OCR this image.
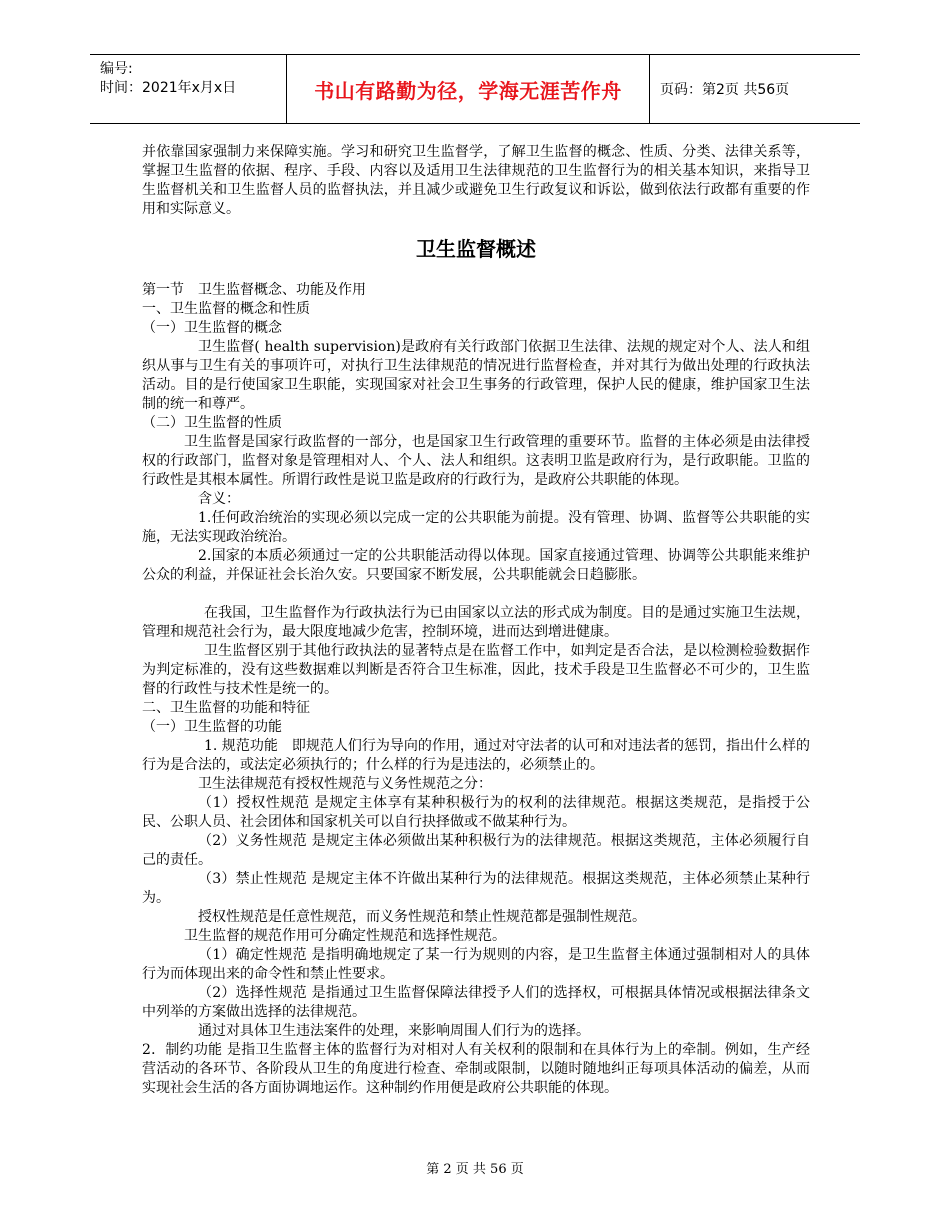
编号:
时间：2021年x月x日	书山有路勤为径，学海无涯苦作舟	页码：第2页 共56页

并依靠国家强制力来保障实施。学习和研究卫生监督学，了解卫生监督的概念、性质、分类、法律关系等，掌握卫生监督的依据、程序、手段、内容以及适用卫生法律规范的卫生监督行为的相关基本知识，来指导卫生监督机关和卫生监督人员的监督执法，并且减少或避免卫生行政复议和诉讼，做到依法行政都有重要的作用和实际意义。

卫生监督概述

第一节　卫生监督概念、功能及作用

一、卫生监督的概念和性质

（一）卫生监督的概念

卫生监督( health supervision)是政府有关行政部门依据卫生法律、法规的规定对个人、法人和组织从事与卫生有关的事项许可，对执行卫生法律规范的情况进行监督检查，并对其行为做出处理的行政执法活动。目的是行使国家卫生职能，实现国家对社会卫生事务的行政管理，保护人民的健康，维护国家卫生法制的统一和尊严。

（二）卫生监督的性质

卫生监督是国家行政监督的一部分，也是国家卫生行政管理的重要环节。监督的主体必须是由法律授权的行政部门，监督对象是管理相对人、个人、法人和组织。这表明卫监是政府行为，是行政职能。卫监的行政性是其根本属性。所谓行政性是说卫监是政府的行政行为，是政府公共职能的体现。

含义：

1.任何政治统治的实现必须以完成一定的公共职能为前提。没有管理、协调、监督等公共职能的实施，无法实现政治统治。

2.国家的本质必须通过一定的公共职能活动得以体现。国家直接通过管理、协调等公共职能来维护公众的利益，并保证社会长治久安。只要国家不断发展，公共职能就会日趋膨胀。

在我国，卫生监督作为行政执法行为已由国家以立法的形式成为制度。目的是通过实施卫生法规，管理和规范社会行为，最大限度地减少危害，控制环境，进而达到增进健康。

卫生监督区别于其他行政执法的显著特点是在监督工作中，如判定是否合法，是以检测检验数据作为判定标准的，没有这些数据难以判断是否符合卫生标准，因此，技术手段是卫生监督必不可少的，卫生监督的行政性与技术性是统一的。

二、卫生监督的功能和特征

（一）卫生监督的功能

1. 规范功能　即规范人们行为导向的作用，通过对守法者的认可和对违法者的惩罚，指出什么样的行为是合法的，或法定必须执行的；什么样的行为是违法的，必须禁止的。

卫生法律规范有授权性规范与义务性规范之分：

（1）授权性规范 是规定主体享有某种积极行为的权利的法律规范。根据这类规范，是指授于公民、公职人员、社会团体和国家机关可以自行抉择做或不做某种行为。

（2）义务性规范 是规定主体必须做出某种积极行为的法律规范。根据这类规范，主体必须履行自己的责任。

（3）禁止性规范 是规定主体不许做出某种行为的法律规范。根据这类规范，主体必须禁止某种行为。

授权性规范是任意性规范，而义务性规范和禁止性规范都是强制性规范。

卫生监督的规范作用可分确定性规范和选择性规范。

（1）确定性规范 是指明确地规定了某一行为规则的内容，是卫生监督主体通过强制相对人的具体行为而体现出来的命令性和禁止性要求。

（2）选择性规范 是指通过卫生监督保障法律授予人们的选择权，可根据具体情况或根据法律条文中列举的方案做出选择的法律规范。

通过对具体卫生违法案件的处理，来影响周围人们行为的选择。

2．制约功能 是指卫生监督主体的监督行为对相对人有关权利的限制和在具体行为上的牵制。例如，生产经营活动的各环节、各阶段从卫生的角度进行检查、牵制或限制，以随时随地纠正每项具体活动的偏差，从而实现社会生活的各方面协调地运作。这种制约作用便是政府公共职能的体现。

第 2 页 共 56 页
